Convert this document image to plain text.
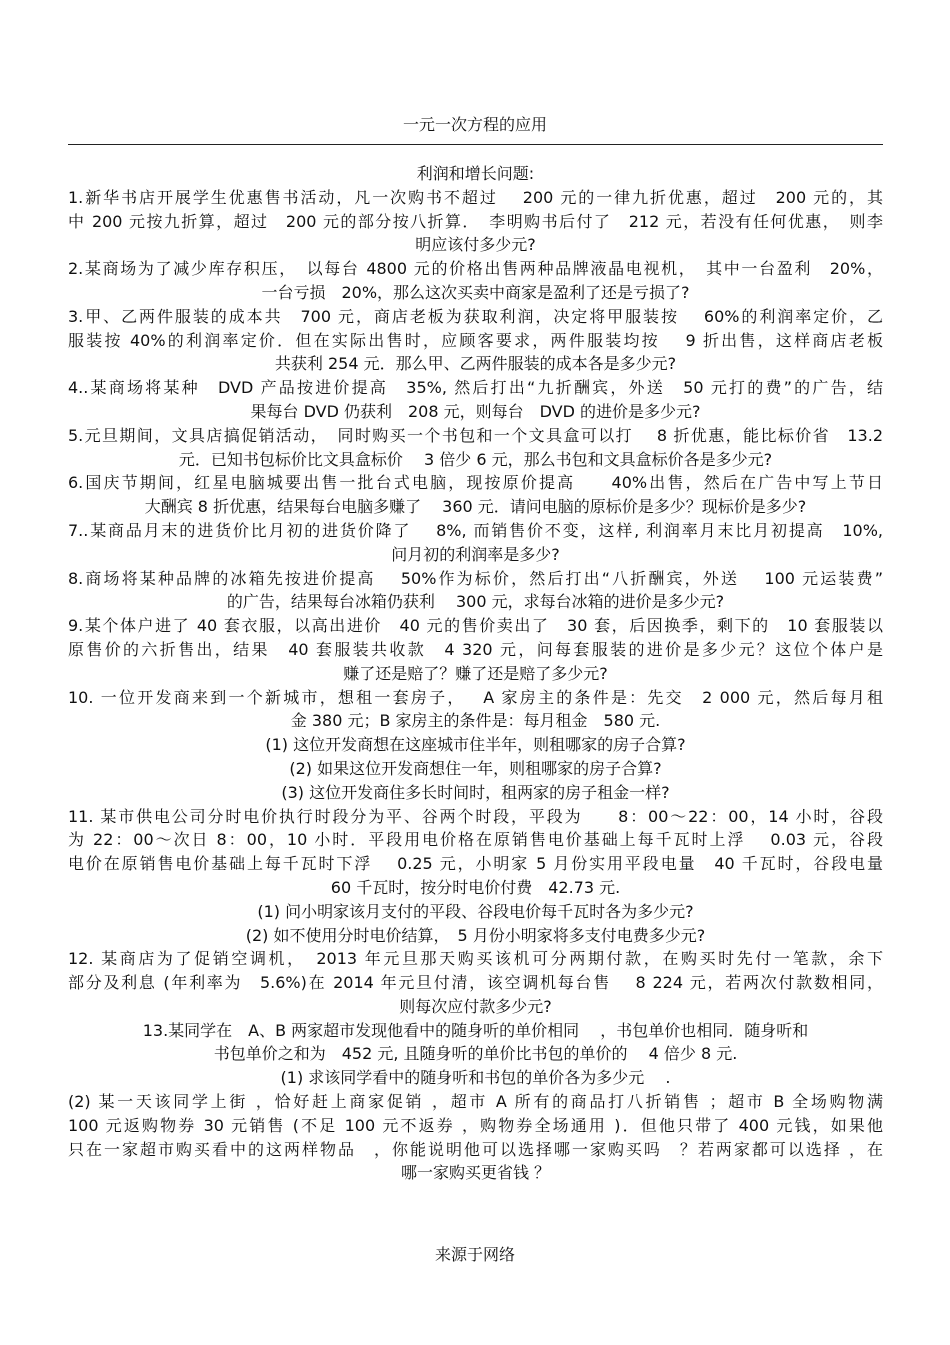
一元一次方程的应用
利润和增长问题:
1.新华书店开展学生优惠售书活动，凡一次购书不超过　 200 元的一律九折优惠，超过　200 元的，其
中 200 元按九折算，超过　200 元的部分按八折算．　李明购书后付了　212 元，若没有任何优惠，　则李
明应该付多少元?
2.某商场为了减少库存积压，　以每台 4800 元的价格出售两种品牌液晶电视机，　其中一台盈利　20%，
一台亏损　20%，那么这次买卖中商家是盈利了还是亏损了?
3.甲、乙两件服装的成本共　700 元，商店老板为获取利润，决定将甲服装按　 60%的利润率定价，乙
服装按 40%的利润率定价．但在实际出售时，应顾客要求，两件服装均按　 9 折出售，这样商店老板
共获利 254 元．那么甲、乙两件服装的成本各是多少元?
4..某商场将某种　DVD 产品按进价提高　35%, 然后打出“九折酬宾，外送　50 元打的费”的广告，结
果每台 DVD 仍获利　208 元，则每台　DVD 的进价是多少元?
5.元旦期间，文具店搞促销活动，　同时购买一个书包和一个文具盒可以打　 8 折优惠，能比标价省　13.2
元．已知书包标价比文具盒标价　 3 倍少 6 元，那么书包和文具盒标价各是多少元?
6.国庆节期间，红星电脑城要出售一批台式电脑，现按原价提高　　40%出售，然后在广告中写上节日
大酬宾 8 折优惠，结果每台电脑多赚了　 360 元．请问电脑的原标价是多少？现标价是多少?
7..某商品月末的进货价比月初的进货价降了　 8%, 而销售价不变，这样, 利润率月末比月初提高　10%,
问月初的利润率是多少?
8.商场将某种品牌的冰箱先按进价提高　 50%作为标价，然后打出“八折酬宾，外送　 100 元运装费”
的广告，结果每台冰箱仍获利　 300 元，求每台冰箱的进价是多少元?
9.某个体户进了 40 套衣服，以高出进价　40 元的售价卖出了　30 套，后因换季，剩下的　10 套服装以
原售价的六折售出，结果　40 套服装共收款　4 320 元，问每套服装的进价是多少元？这位个体户是
赚了还是赔了？赚了还是赔了多少元?
10. 一位开发商来到一个新城市，想租一套房子，　 A 家房主的条件是：先交　2 000 元，然后每月租
金 380 元；B 家房主的条件是：每月租金　580 元.
(1) 这位开发商想在这座城市住半年，则租哪家的房子合算?
(2) 如果这位开发商想住一年，则租哪家的房子合算?
(3) 这位开发商住多长时间时，租两家的房子租金一样?
11. 某市供电公司分时电价执行时段分为平、谷两个时段，平段为　　8：00～22：00，14 小时，谷段
为 22：00～次日 8：00，10 小时．平段用电价格在原销售电价基础上每千瓦时上浮　 0.03 元，谷段
电价在原销售电价基础上每千瓦时下浮　 0.25 元，小明家 5 月份实用平段电量　40 千瓦时，谷段电量
60 千瓦时，按分时电价付费　42.73 元.
(1) 问小明家该月支付的平段、谷段电价每千瓦时各为多少元?
(2) 如不使用分时电价结算，　5 月份小明家将多支付电费多少元?
12. 某商店为了促销空调机，　2013 年元旦那天购买该机可分两期付款，在购买时先付一笔款，余下
部分及利息 (年利率为　5.6%)在 2014 年元旦付清，该空调机每台售　 8 224 元，若两次付款数相同，
则每次应付款多少元?
13.某同学在　A、B 两家超市发现他看中的随身听的单价相同　 ，书包单价也相同．随身听和
书包单价之和为　452 元, 且随身听的单价比书包的单价的　 4 倍少 8 元.
(1) 求该同学看中的随身听和书包的单价各为多少元　 .
(2) 某一天该同学上街 ，恰好赶上商家促销 ，超市 A 所有的商品打八折销售 ；超市 B 全场购物满
100 元返购物券 30 元销售 (不足 100 元不返券 ，购物券全场通用 )．但他只带了 400 元钱，如果他
只在一家超市购买看中的这两样物品　，你能说明他可以选择哪一家购买吗　？若两家都可以选择 ，在
哪一家购买更省钱 ？
来源于网络
